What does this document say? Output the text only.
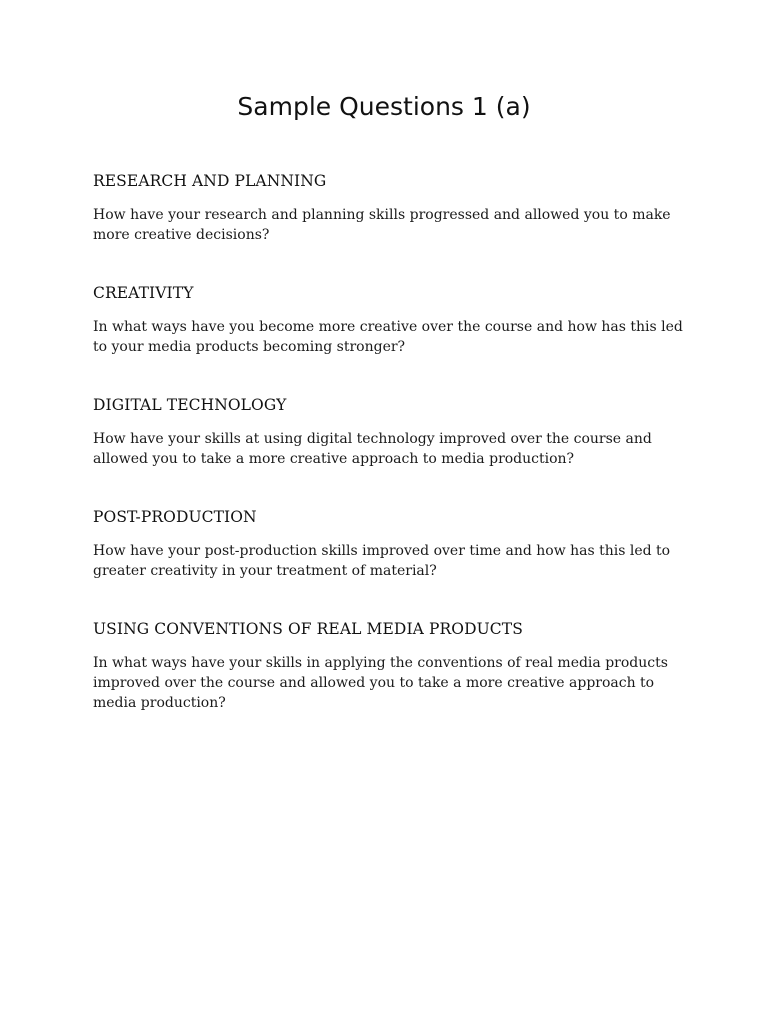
Sample Questions 1 (a)
RESEARCH AND PLANNING

How have your research and planning skills progressed and allowed you to make more creative decisions?

CREATIVITY

In what ways have you become more creative over the course and how has this led to your media products becoming stronger?

DIGITAL TECHNOLOGY

How have your skills at using digital technology improved over the course and allowed you to take a more creative approach to media production?

POST-PRODUCTION

How have your post-production skills improved over time and how has this led to greater creativity in your treatment of material?

USING CONVENTIONS OF REAL MEDIA PRODUCTS

In what ways have your skills in applying the conventions of real media products improved over the course and allowed you to take a more creative approach to media production?
